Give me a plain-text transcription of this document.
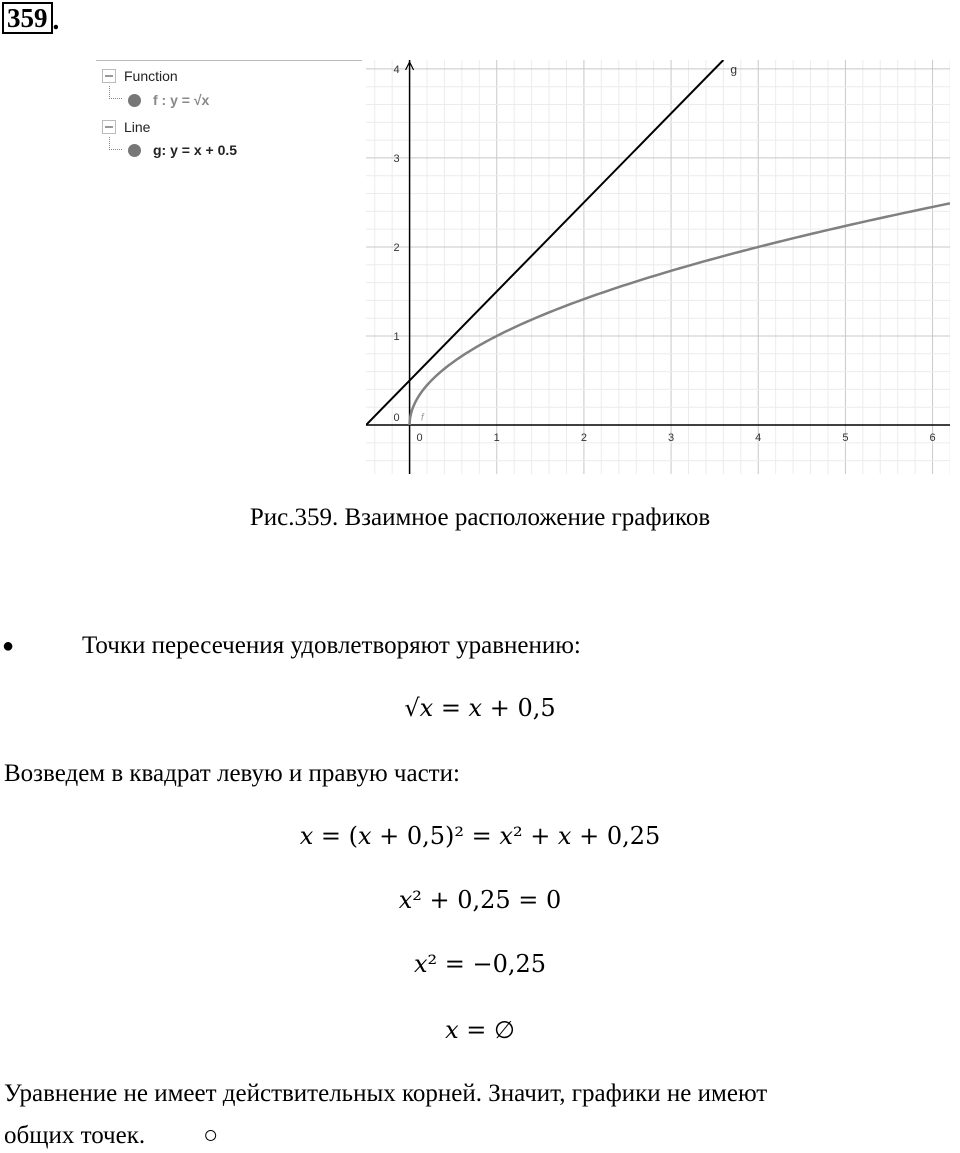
359 .
Function
f : y = √x
Line
g: y = x + 0.5
0	1	2	3	4	5	6
0
1
2
3
4	g
f
Рис.359. Взаимное расположение графиков
●	Точки пересечения удовлетворяют уравнению:
√𝑥 = 𝑥 + 0,5
Возведем в квадрат левую и правую части:
𝑥 = (𝑥 + 0,5)² = 𝑥² + 𝑥 + 0,25
𝑥² + 0,25 = 0
𝑥² = −0,25
𝑥 = ∅
Уравнение не имеет действительных корней. Значит, графики не имеют
общих точек. ○
